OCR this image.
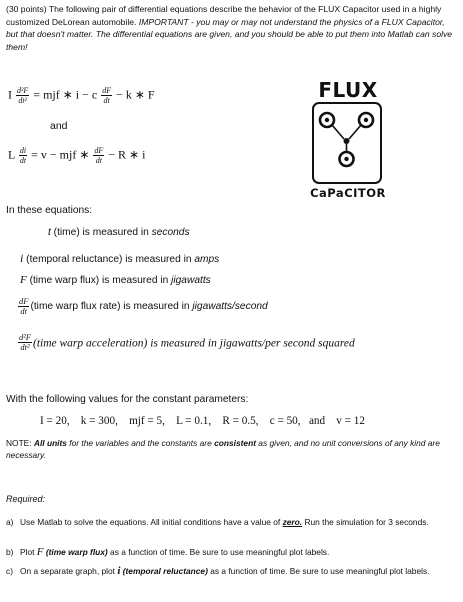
(30 points) The following pair of differential equations describe the behavior of the FLUX Capacitor used in a highly customized DeLorean automobile. IMPORTANT - you may or may not understand the physics of a FLUX Capacitor, but that doesn't matter. The differential equations are given, and you should be able to put them into Matlab can solve them!
I $\frac{\text{d²F}}{\text{dt²}}$ = mjf ∗ i − c $\frac{dF}{dt} - k$ ∗ F
and
L $\frac{di}{dt} = v$ − mjf ∗ $\frac{dF}{dt} - R$ ∗ i
FLUX
CaPaCITOR
In these equations:
t (time) is measured in seconds
i (temporal reluctance) is measured in amps
F (time warp flux) is measured in jigawatts
$\frac{dF}{dt}$ (time warp flux rate) is measured in jigawatts/second
$\frac{\text{d²F}}{\text{dt²}}$ (time warp acceleration) is measured in jigawatts/per second squared
With the following values for the constant parameters:
I = 20,    k = 300,    mjf = 5,    L = 0.1,    R = 0.5,    c = 50,   and    v = 12
NOTE: All units for the variables and the constants are consistent as given, and no unit conversions of any kind are necessary.
Required:
a) Use Matlab to solve the equations. All initial conditions have a value of zero. Run the simulation for 3 seconds.
b) Plot F (time warp flux) as a function of time. Be sure to use meaningful plot labels.
c) On a separate graph, plot i (temporal reluctance) as a function of time. Be sure to use meaningful plot labels.
